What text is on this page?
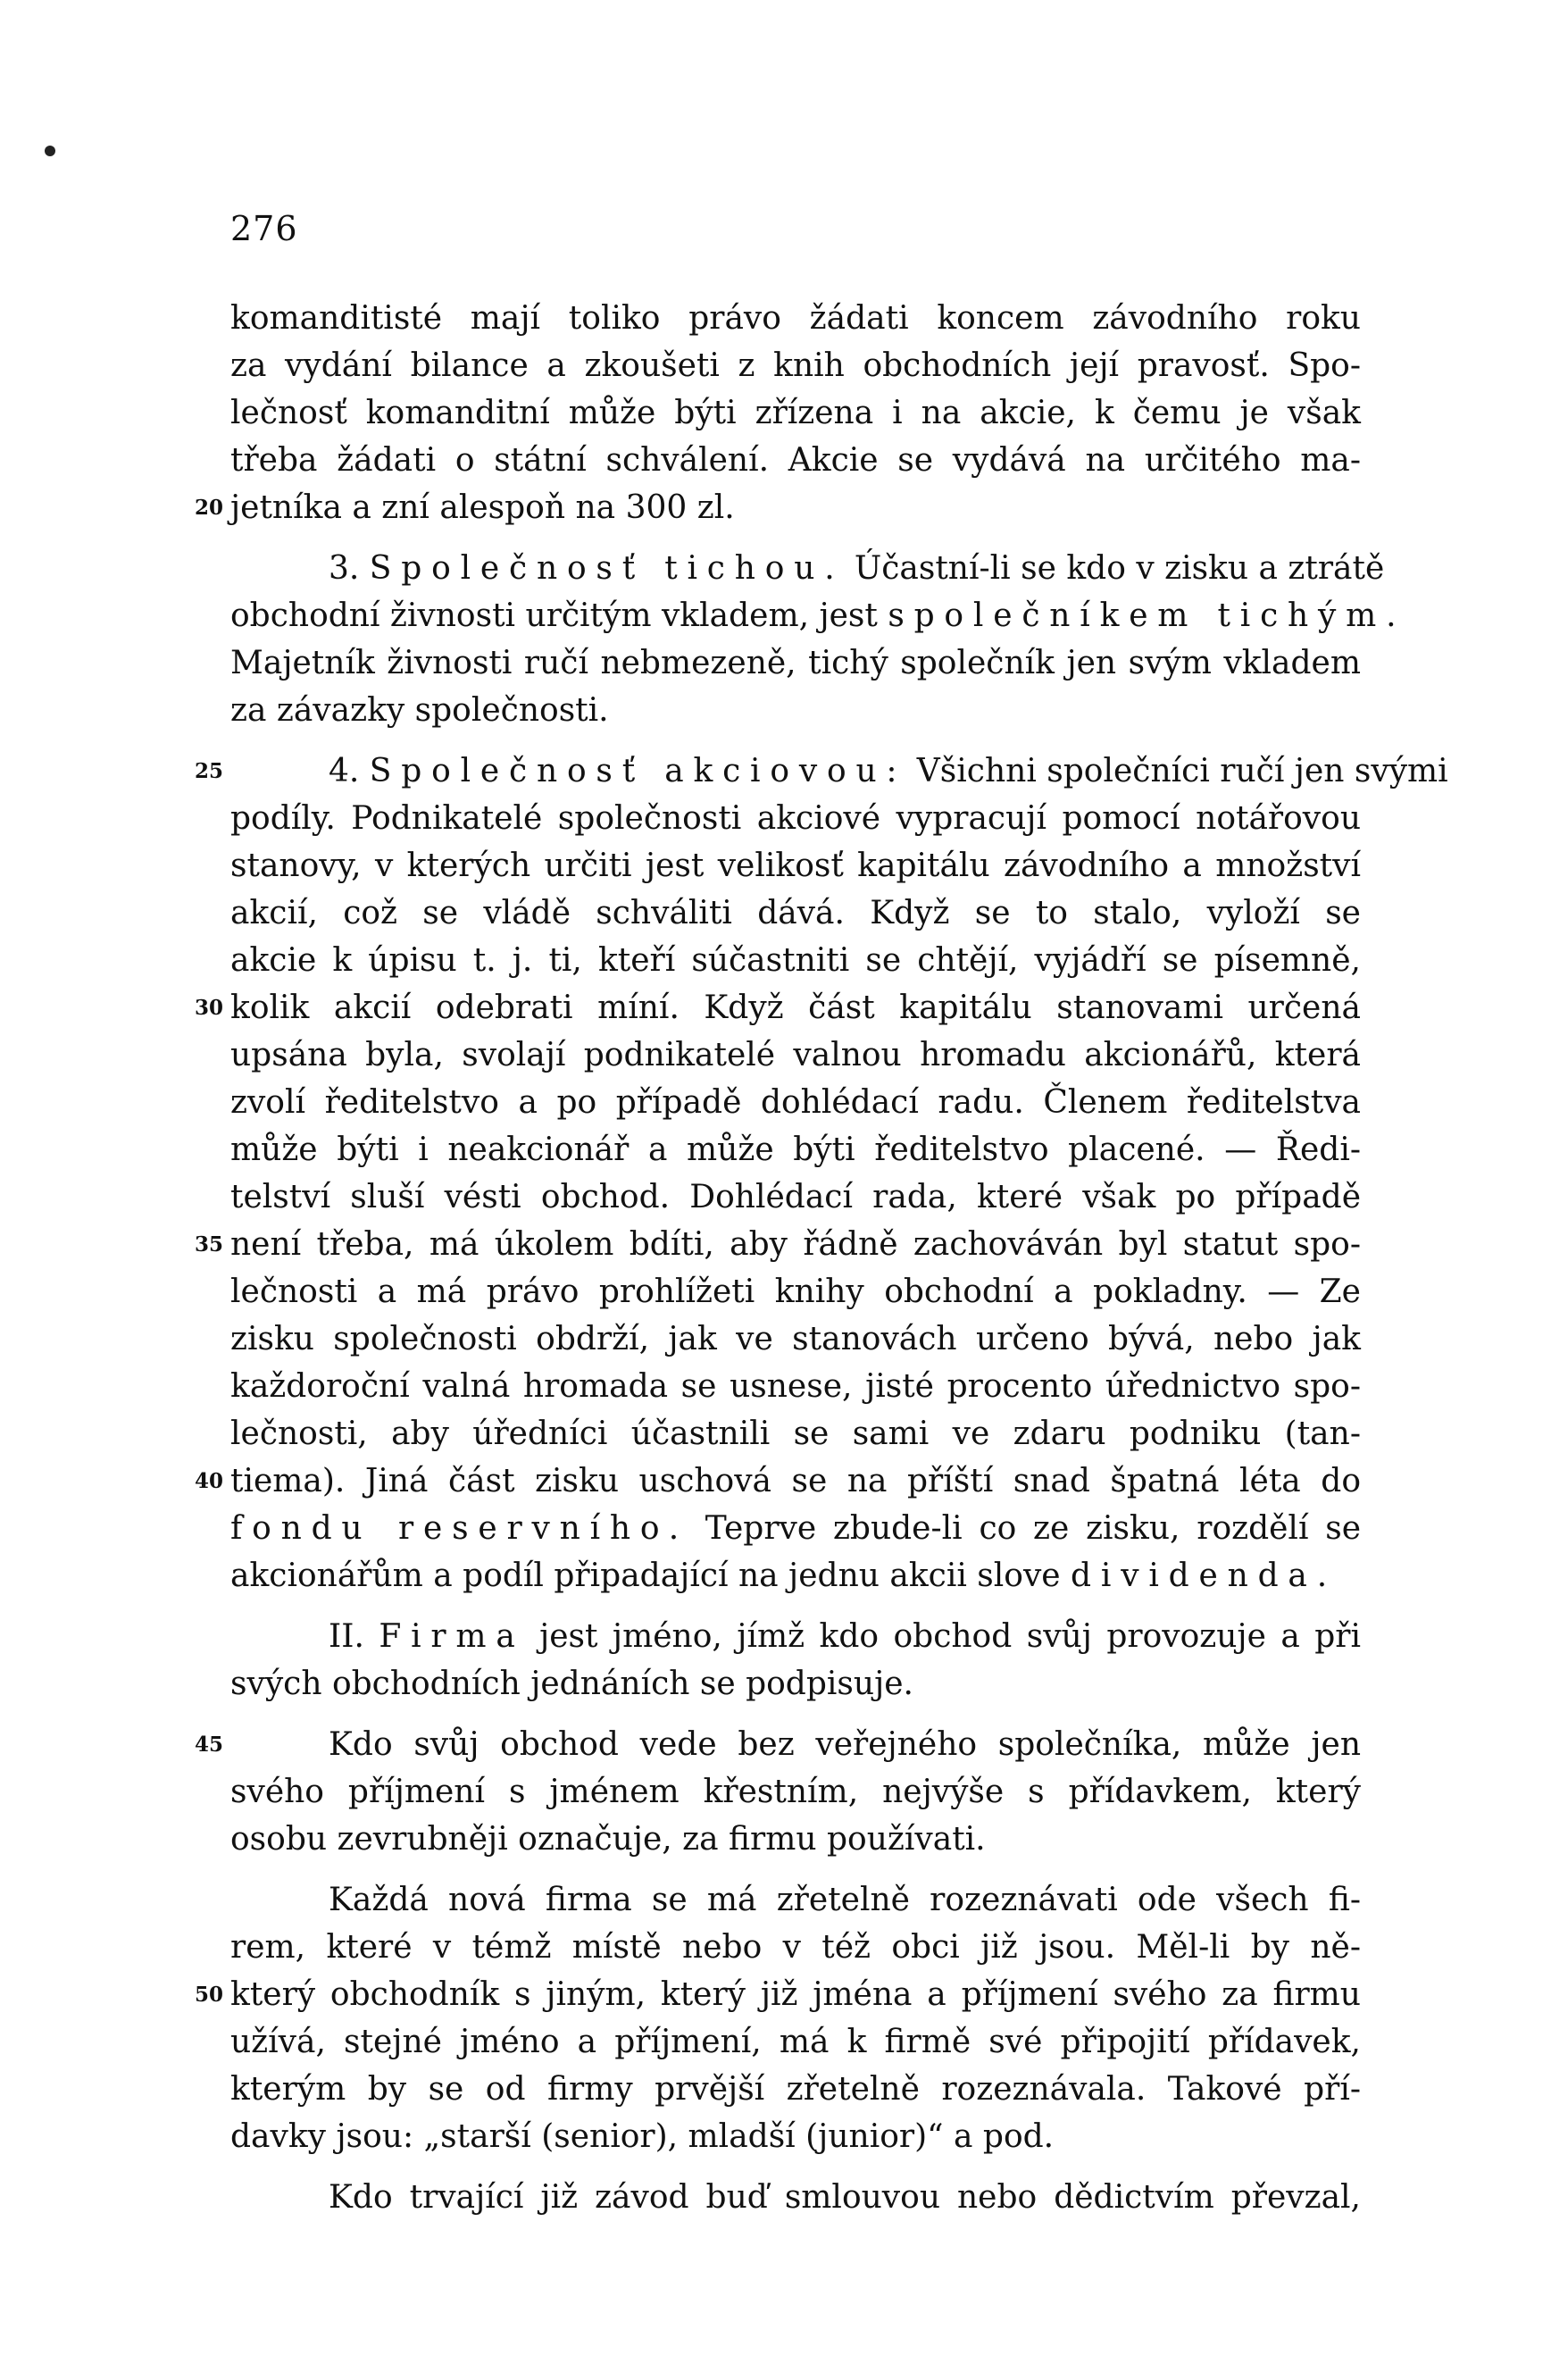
276
komanditisté mají toliko právo žádati koncem závodního roku
za vydání bilance a zkoušeti z knih obchodních její pravosť. Spo-
lečnosť komanditní může býti zřízena i na akcie, k čemu je však
třeba žádati o státní schválení. Akcie se vydává na určitého ma-
20 jetníka a zní alespoň na 300 zl.
3. Společnosť tichou. Účastní-li se kdo v zisku a ztrátě
obchodní živnosti určitým vkladem, jest společníkem tichým.
Majetník živnosti ručí nebmezeně, tichý společník jen svým vkladem
za závazky společnosti.
25	4. Společnosť akciovou: Všichni společníci ručí jen svými
podíly. Podnikatelé společnosti akciové vypracují pomocí notářovou
stanovy, v kterých určiti jest velikosť kapitálu závodního a množství
akcií, což se vládě schváliti dává. Když se to stalo, vyloží se
akcie k úpisu t. j. ti, kteří súčastniti se chtějí, vyjádří se písemně,
30 kolik akcií odebrati míní. Když část kapitálu stanovami určená
upsána byla, svolají podnikatelé valnou hromadu akcionářů, která
zvolí ředitelstvo a po případě dohlédací radu. Členem ředitelstva
může býti i neakcionář a může býti ředitelstvo placené. — Ředi-
telství sluší vésti obchod. Dohlédací rada, které však po případě
35 není třeba, má úkolem bdíti, aby řádně zachováván byl statut spo-
lečnosti a má právo prohlížeti knihy obchodní a pokladny. — Ze
zisku společnosti obdrží, jak ve stanovách určeno bývá, nebo jak
každoroční valná hromada se usnese, jisté procento úřednictvo spo-
lečnosti, aby úředníci účastnili se sami ve zdaru podniku (tan-
40 tiema). Jiná část zisku uschová se na příští snad špatná léta do
fondu reservního. Teprve zbude-li co ze zisku, rozdělí se
akcionářům a podíl připadající na jednu akcii slove dividenda.
II. Firma jest jméno, jímž kdo obchod svůj provozuje a při
svých obchodních jednáních se podpisuje.
45	Kdo svůj obchod vede bez veřejného společníka, může jen
svého příjmení s jménem křestním, nejvýše s přídavkem, který
osobu zevrubněji označuje, za firmu používati.
Každá nová firma se má zřetelně rozeznávati ode všech fi-
rem, které v témž místě nebo v též obci již jsou. Měl-li by ně-
50 který obchodník s jiným, který již jména a příjmení svého za firmu
užívá, stejné jméno a příjmení, má k firmě své připojití přídavek,
kterým by se od firmy prvější zřetelně rozeznávala. Takové pří-
davky jsou: „starší (senior), mladší (junior)“ a pod.
Kdo trvající již závod buď smlouvou nebo dědictvím převzal,
